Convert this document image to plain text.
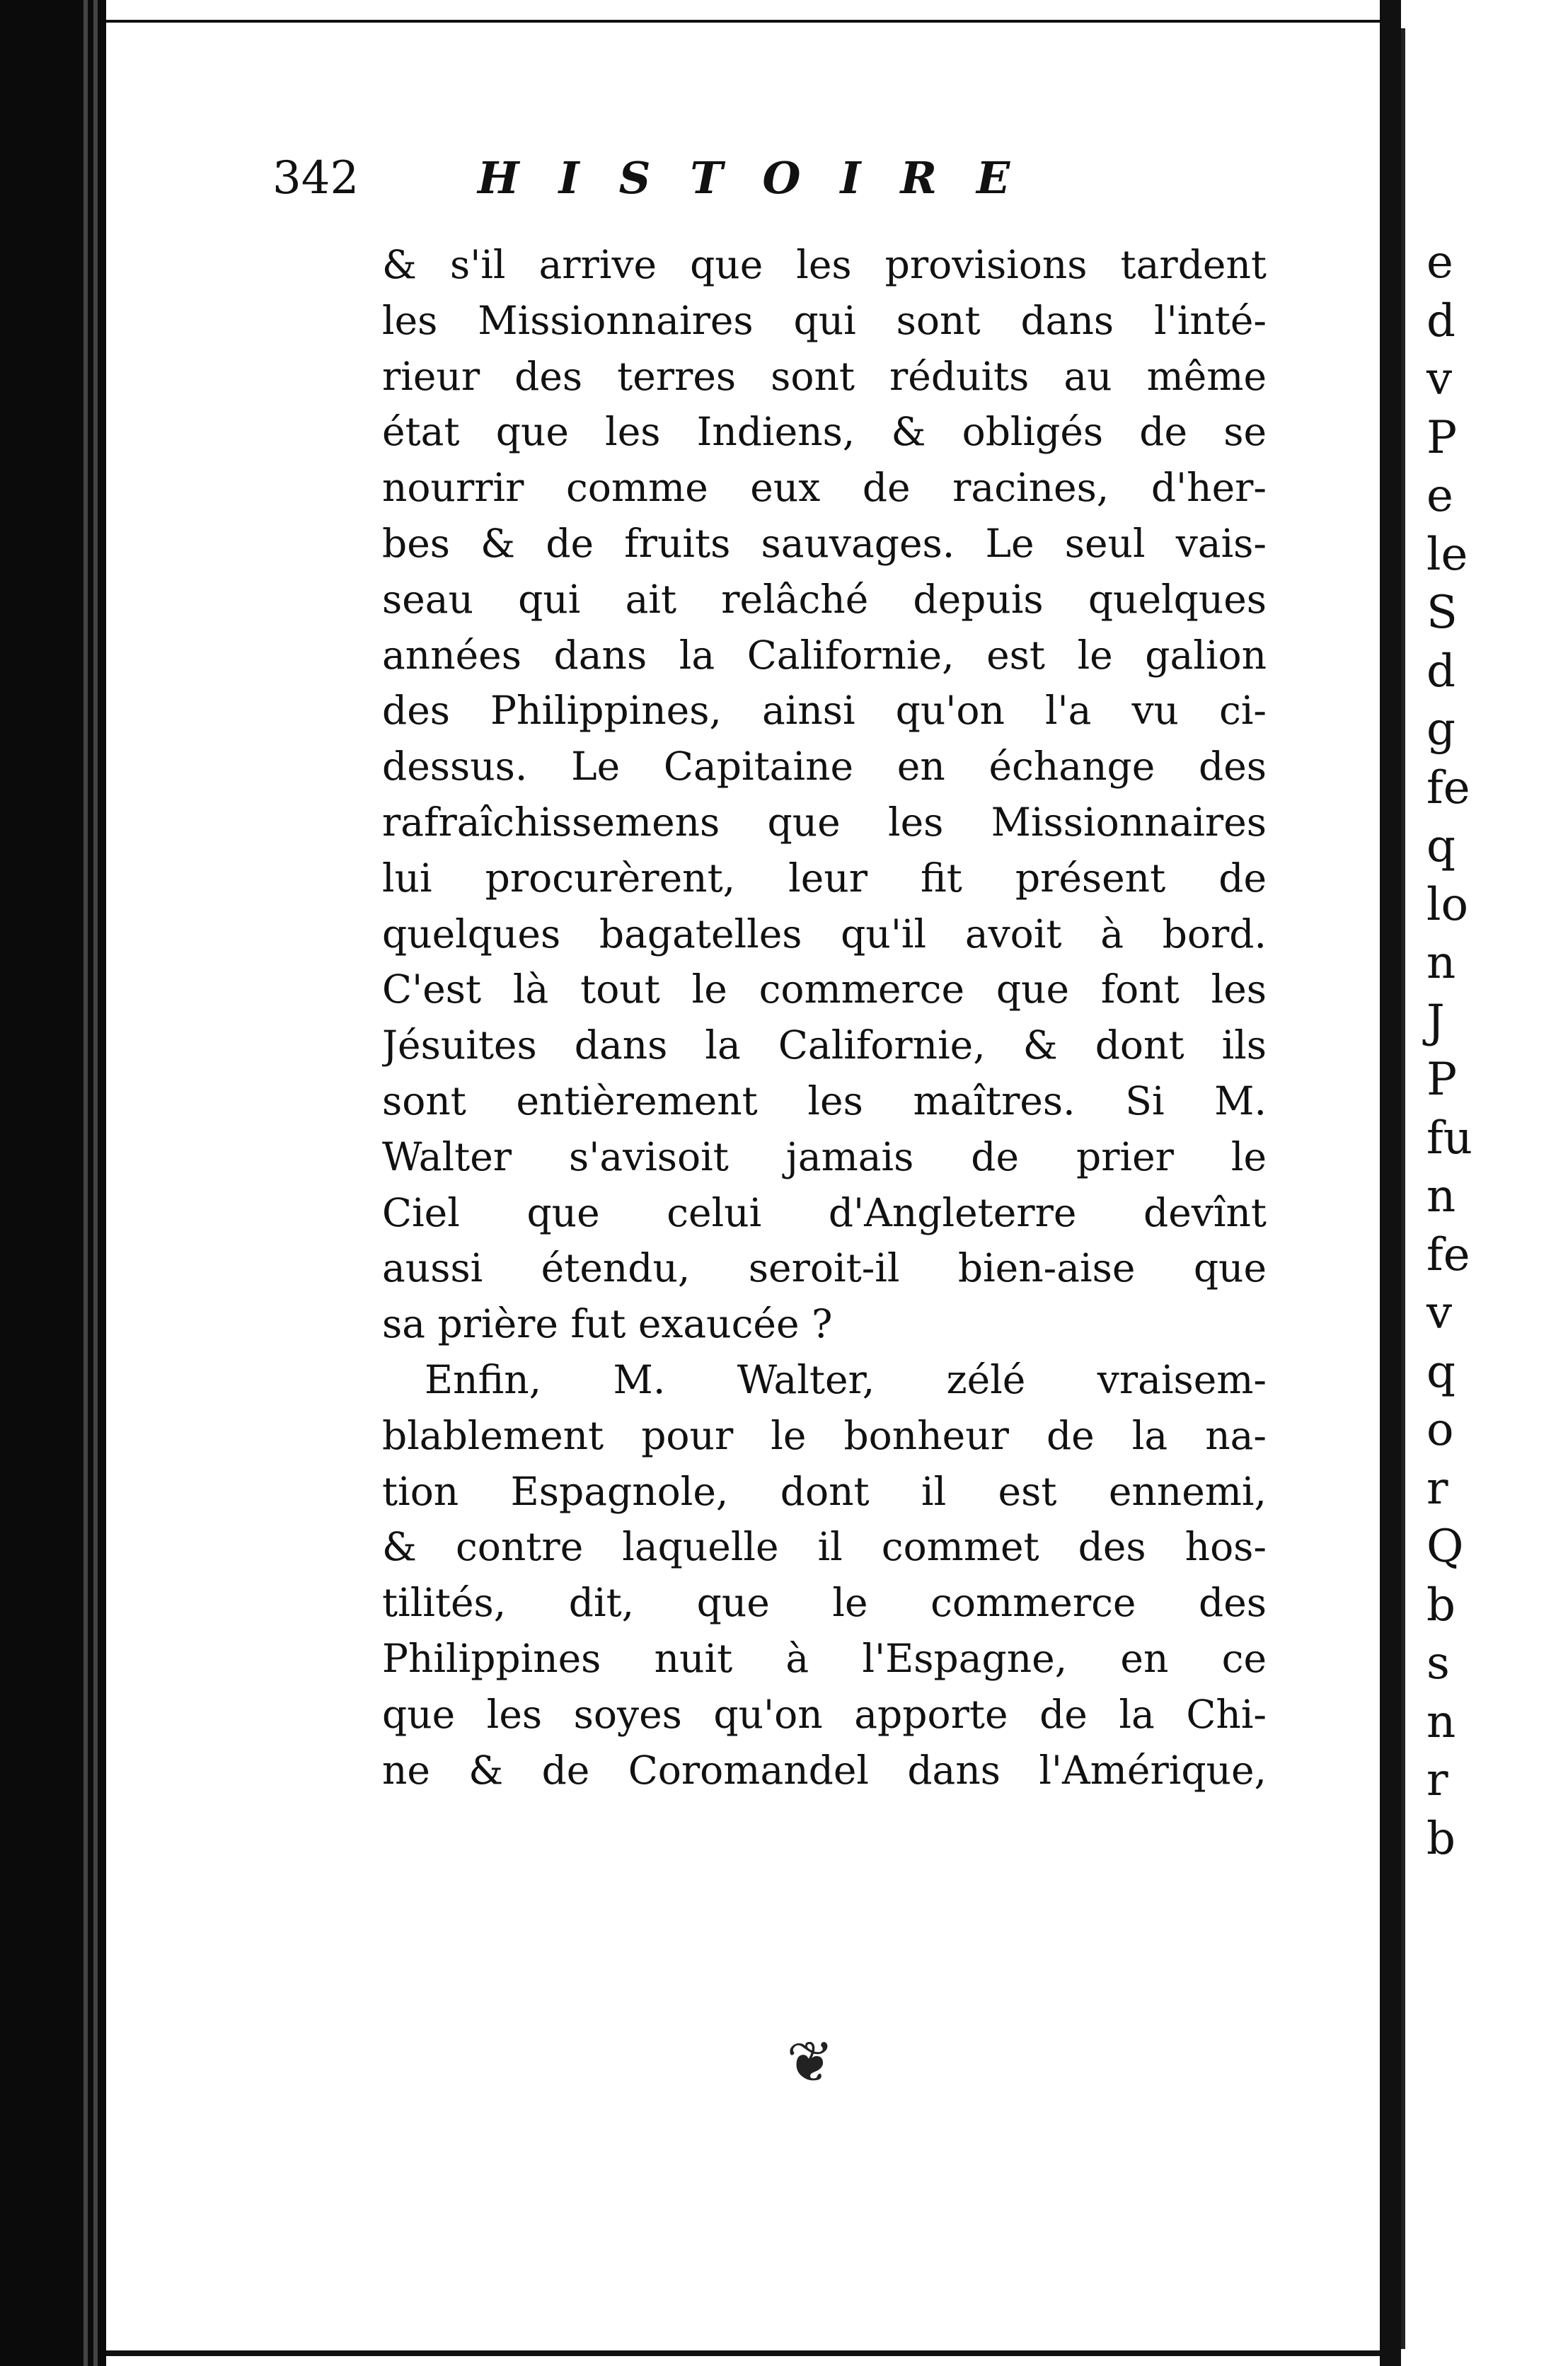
342	HISTOIRE
& s'il arrive que les provisions tardent
les Missionnaires qui sont dans l'inté-
rieur des terres sont réduits au même
état que les Indiens, & obligés de se
nourrir comme eux de racines, d'her-
bes & de fruits sauvages. Le seul vais-
seau qui ait relâché depuis quelques
années dans la Californie, est le galion
des Philippines, ainsi qu'on l'a vu ci-
dessus. Le Capitaine en échange des
rafraîchissemens que les Missionnaires
lui procurèrent, leur fit présent de
quelques bagatelles qu'il avoit à bord.
C'est là tout le commerce que font les
Jésuites dans la Californie, & dont ils
sont entièrement les maîtres. Si M.
Walter s'avisoit jamais de prier le
Ciel que celui d'Angleterre devînt
aussi étendu, seroit-il bien-aise que
sa prière fut exaucée ?
Enfin, M. Walter, zélé vraisem-
blablement pour le bonheur de la na-
tion Espagnole, dont il est ennemi,
& contre laquelle il commet des hos-
tilités, dit, que le commerce des
Philippines nuit à l'Espagne, en ce
que les soyes qu'on apporte de la Chi-
ne & de Coromandel dans l'Amérique,
❦
e
d
v
P
e
le
S
d
g
fe
q
lo
n
J
P
fu
n
fe
v
q
o
r
Q
b
s
n
r
b
